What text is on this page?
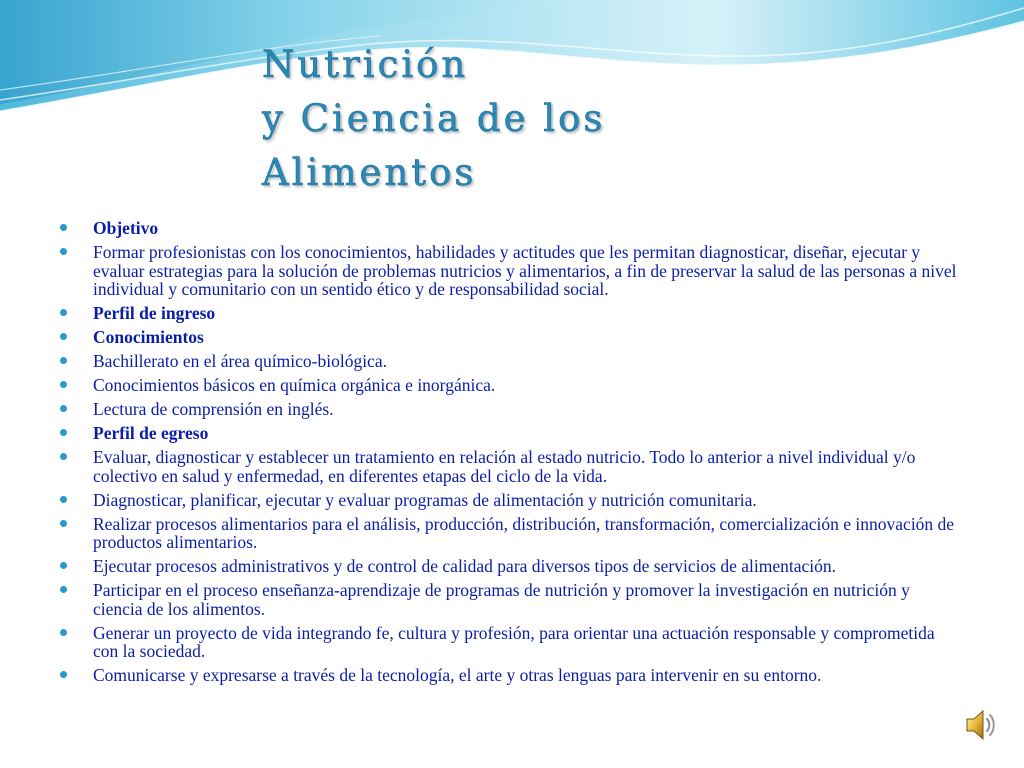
Nutrición
y Ciencia de los
Alimentos
Objetivo
Formar profesionistas con los conocimientos, habilidades y actitudes que les permitan diagnosticar, diseñar, ejecutar y evaluar estrategias para la solución de problemas nutricios y alimentarios, a fin de preservar la salud de las personas a nivel individual y comunitario con un sentido ético y de responsabilidad social.
Perfil de ingreso
Conocimientos
Bachillerato en el área químico-biológica.
Conocimientos básicos en química orgánica e inorgánica.
Lectura de comprensión en inglés.
Perfil de egreso
Evaluar, diagnosticar y establecer un tratamiento en relación al estado nutricio. Todo lo anterior a nivel individual y/o colectivo en salud y enfermedad, en diferentes etapas del ciclo de la vida.
Diagnosticar, planificar, ejecutar y evaluar programas de alimentación y nutrición comunitaria.
Realizar procesos alimentarios para el análisis, producción, distribución, transformación, comercialización e innovación de productos alimentarios.
Ejecutar procesos administrativos y de control de calidad para diversos tipos de servicios de alimentación.
Participar en el proceso enseñanza-aprendizaje de programas de nutrición y promover la investigación en nutrición y ciencia de los alimentos.
Generar un proyecto de vida integrando fe, cultura y profesión, para orientar una actuación responsable y comprometida con la sociedad.
Comunicarse y expresarse a través de la tecnología, el arte y otras lenguas para intervenir en su entorno.
